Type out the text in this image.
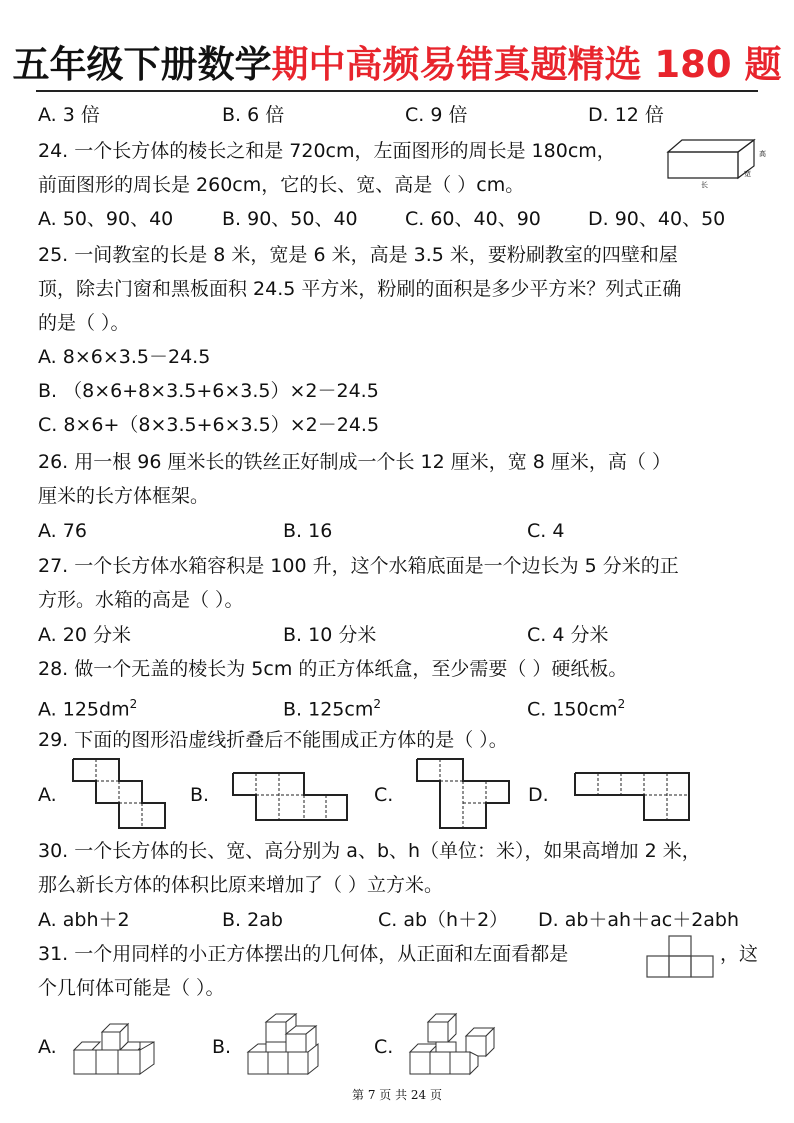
五年级下册数学期中高频易错真题精选 180 题
A. 3 倍	B. 6 倍	C. 9 倍	D. 12 倍
24. 一个长方体的棱长之和是 720cm，左面图形的周长是 180cm，
前面图形的周长是 260cm，它的长、宽、高是（ ）cm。
高
宽
长
A. 50、90、40	B. 90、50、40 C. 60、40、90 D. 90、40、50
25. 一间教室的长是 8 米，宽是 6 米，高是 3.5 米，要粉刷教室的四壁和屋
顶，除去门窗和黑板面积 24.5 平方米，粉刷的面积是多少平方米？列式正确
的是（ ）。
A. 8×6×3.5－24.5
B. （8×6+8×3.5+6×3.5）×2－24.5
C. 8×6+（8×3.5+6×3.5）×2－24.5
26. 用一根 96 厘米长的铁丝正好制成一个长 12 厘米，宽 8 厘米，高（ ）
厘米的长方体框架。
A. 76	B. 16	C. 4
27. 一个长方体水箱容积是 100 升，这个水箱底面是一个边长为 5 分米的正
方形。水箱的高是（ ）。
A. 20 分米	B. 10 分米	C. 4 分米
28. 做一个无盖的棱长为 5cm 的正方体纸盒，至少需要（ ）硬纸板。
A. $125dm^2$	B. $125cm^2$	C. $150cm^2$
29. 下面的图形沿虚线折叠后不能围成正方体的是（ ）。
A.	B.	C.	D.
30. 一个长方体的长、宽、高分别为 a、b、h（单位：米），如果高增加 2 米，
那么新长方体的体积比原来增加了（ ）立方米。
A. abh＋2	B. 2ab	C. ab（h＋2） D. ab＋ah＋ac＋2abh
31. 一个用同样的小正方体摆出的几何体，从正面和左面看都是	，这
个几何体可能是（ ）。
A.	B.	C.
第 7 页 共 24 页
